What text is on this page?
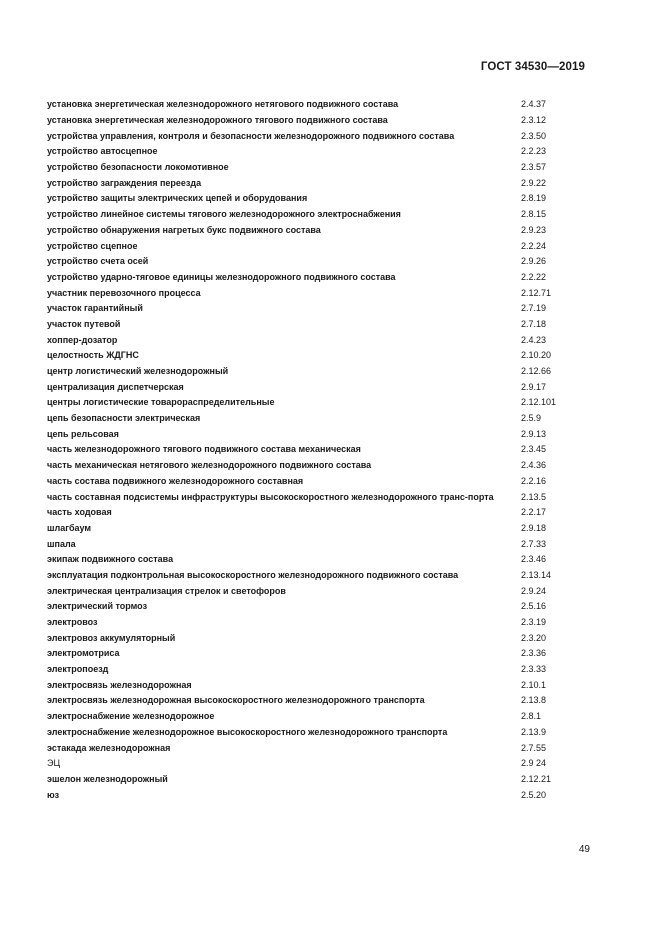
ГОСТ 34530—2019
установка энергетическая железнодорожного нетягового подвижного состава	2.4.37
установка энергетическая железнодорожного тягового подвижного состава	2.3.12
устройства управления, контроля и безопасности железнодорожного подвижного состава	2.3.50
устройство автосцепное	2.2.23
устройство безопасности локомотивное	2.3.57
устройство заграждения переезда	2.9.22
устройство защиты электрических цепей и оборудования	2.8.19
устройство линейное системы тягового железнодорожного электроснабжения	2.8.15
устройство обнаружения нагретых букс подвижного состава	2.9.23
устройство сцепное	2.2.24
устройство счета осей	2.9.26
устройство ударно-тяговое единицы железнодорожного подвижного состава	2.2.22
участник перевозочного процесса	2.12.71
участок гарантийный	2.7.19
участок путевой	2.7.18
хоппер-дозатор	2.4.23
целостность ЖДГНС	2.10.20
центр логистический железнодорожный	2.12.66
централизация диспетчерская	2.9.17
центры логистические товарораспределительные	2.12.101
цепь безопасности электрическая	2.5.9
цепь рельсовая	2.9.13
часть железнодорожного тягового подвижного состава механическая	2.3.45
часть механическая нетягового железнодорожного подвижного состава	2.4.36
часть состава подвижного железнодорожного составная	2.2.16
часть составная подсистемы инфраструктуры высокоскоростного железнодорожного транс-порта	2.13.5
часть ходовая	2.2.17
шлагбаум	2.9.18
шпала	2.7.33
экипаж подвижного состава	2.3.46
эксплуатация подконтрольная высокоскоростного железнодорожного подвижного состава	2.13.14
электрическая централизация стрелок и светофоров	2.9.24
электрический тормоз	2.5.16
электровоз	2.3.19
электровоз аккумуляторный	2.3.20
электромотриса	2.3.36
электропоезд	2.3.33
электросвязь железнодорожная	2.10.1
электросвязь железнодорожная высокоскоростного железнодорожного транспорта	2.13.8
электроснабжение железнодорожное	2.8.1
электроснабжение железнодорожное высокоскоростного железнодорожного транспорта	2.13.9
эстакада железнодорожная	2.7.55
ЭЦ	2.9 24
эшелон железнодорожный	2.12.21
юз	2.5.20
49
